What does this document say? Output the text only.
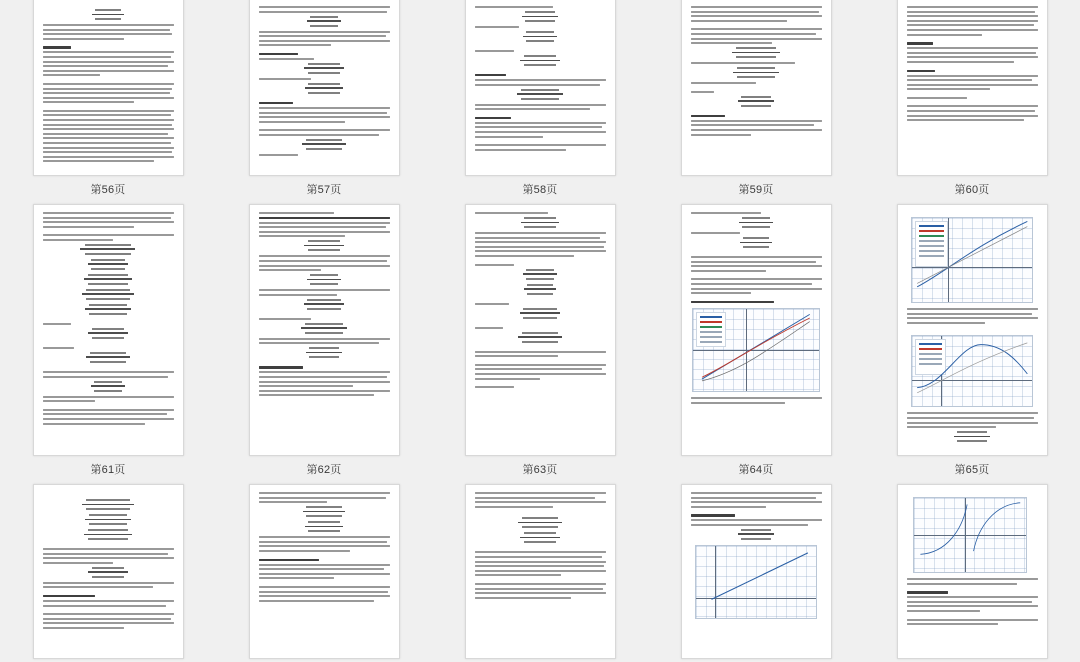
第56页	第57页	第58页	第59页	第60页
第61页	第62页	第63页	第64页	第65页
